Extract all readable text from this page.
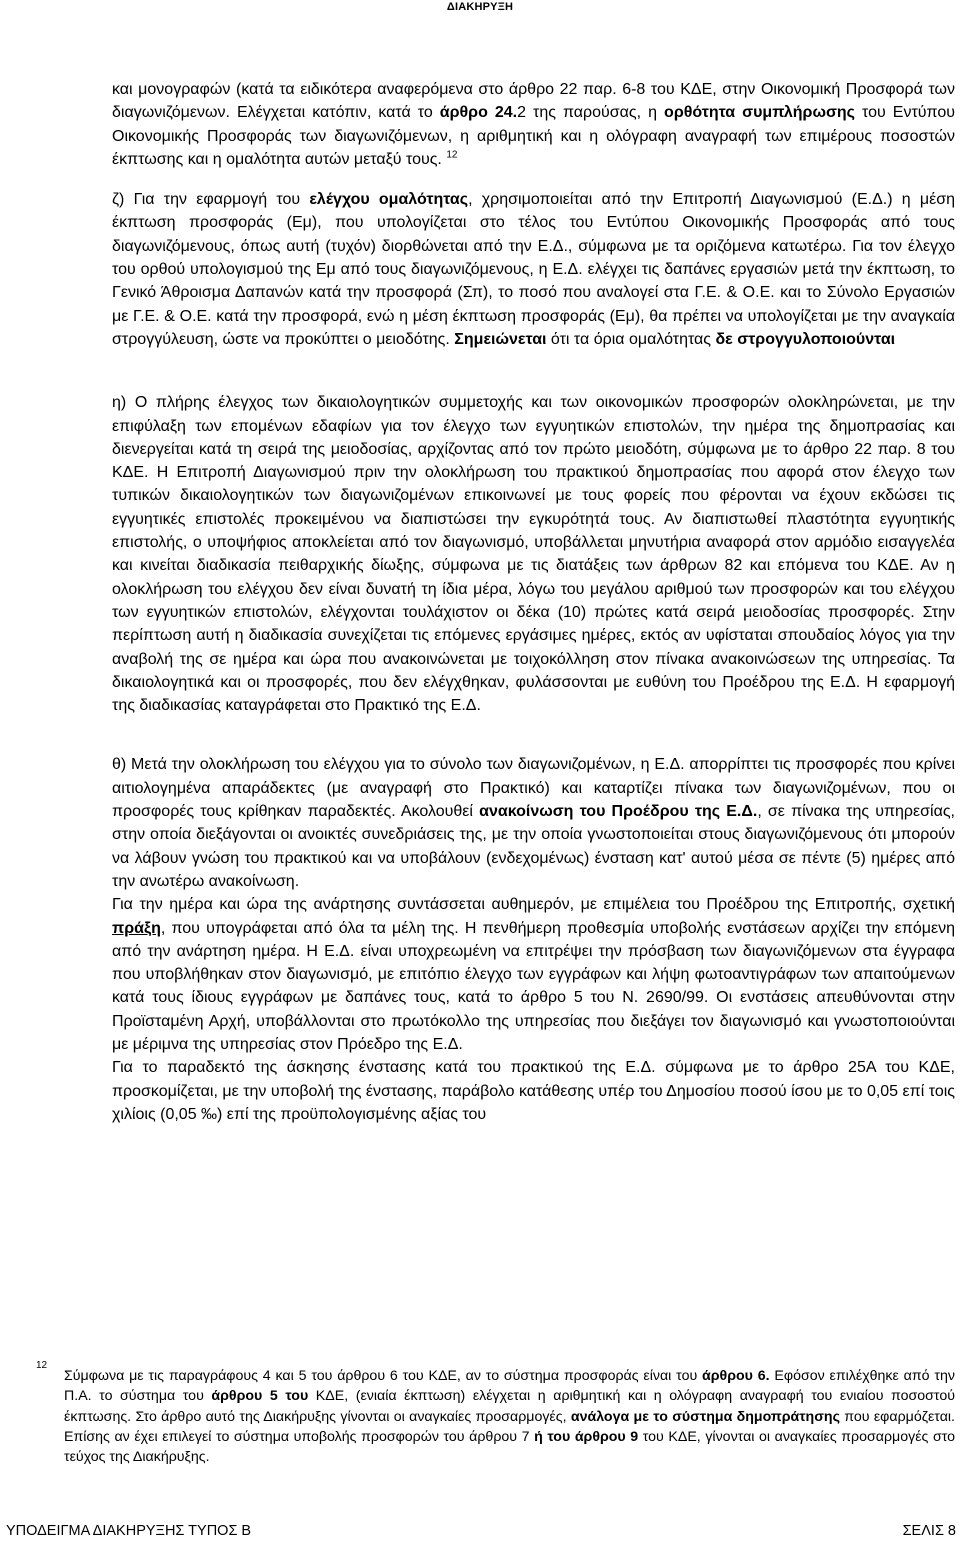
ΔΙΑΚΗΡΥΞΗ

και μονογραφών (κατά τα ειδικότερα αναφερόμενα στο άρθρο 22 παρ. 6-8 του ΚΔΕ, στην Οικονομική Προσφορά των διαγωνιζόμενων. Ελέγχεται κατόπιν, κατά το άρθρο 24.2 της παρούσας, η ορθότητα συμπλήρωσης του Εντύπου Οικονομικής Προσφοράς των διαγωνιζόμενων, η αριθμητική και η ολόγραφη αναγραφή των επιμέρους ποσοστών έκπτωσης και η ομαλότητα αυτών μεταξύ τους. $^{12}$

ζ) Για την εφαρμογή του ελέγχου ομαλότητας, χρησιμοποιείται από την Επιτροπή Διαγωνισμού (Ε.Δ.) η μέση έκπτωση προσφοράς (Εμ), που υπολογίζεται στο τέλος του Εντύπου Οικονομικής Προσφοράς από τους διαγωνιζόμενους, όπως αυτή (τυχόν) διορθώνεται από την Ε.Δ., σύμφωνα με τα οριζόμενα κατωτέρω. Για τον έλεγχο του ορθού υπολογισμού της Εμ από τους διαγωνιζόμενους, η Ε.Δ. ελέγχει τις δαπάνες εργασιών μετά την έκπτωση, το Γενικό Άθροισμα Δαπανών κατά την προσφορά (Σπ), το ποσό που αναλογεί στα Γ.Ε. & Ο.Ε. και το Σύνολο Εργασιών με Γ.Ε. & Ο.Ε. κατά την προσφορά, ενώ η μέση έκπτωση προσφοράς (Εμ), θα πρέπει να υπολογίζεται με την αναγκαία στρογγύλευση, ώστε να προκύπτει ο μειοδότης. Σημειώνεται ότι τα όρια ομαλότητας δε στρογγυλοποιούνται

η) Ο πλήρης έλεγχος των δικαιολογητικών συμμετοχής και των οικονομικών προσφορών ολοκληρώνεται, με την επιφύλαξη των επομένων εδαφίων για τον έλεγχο των εγγυητικών επιστολών, την ημέρα της δημοπρασίας και διενεργείται κατά τη σειρά της μειοδοσίας, αρχίζοντας από τον πρώτο μειοδότη, σύμφωνα με το άρθρο 22 παρ. 8 του ΚΔΕ. Η Επιτροπή Διαγωνισμού πριν την ολοκλήρωση του πρακτικού δημοπρασίας που αφορά στον έλεγχο των τυπικών δικαιολογητικών των διαγωνιζομένων επικοινωνεί με τους φορείς που φέρονται να έχουν εκδώσει τις εγγυητικές επιστολές προκειμένου να διαπιστώσει την εγκυρότητά τους. Αν διαπιστωθεί πλαστότητα εγγυητικής επιστολής, ο υποψήφιος αποκλείεται από τον διαγωνισμό, υποβάλλεται μηνυτήρια αναφορά στον αρμόδιο εισαγγελέα και κινείται διαδικασία πειθαρχικής δίωξης, σύμφωνα με τις διατάξεις των άρθρων 82 και επόμενα του ΚΔΕ. Αν η ολοκλήρωση του ελέγχου δεν είναι δυνατή τη ίδια μέρα, λόγω του μεγάλου αριθμού των προσφορών και του ελέγχου των εγγυητικών επιστολών, ελέγχονται τουλάχιστον οι δέκα (10) πρώτες κατά σειρά μειοδοσίας προσφορές. Στην περίπτωση αυτή η διαδικασία συνεχίζεται τις επόμενες εργάσιμες ημέρες, εκτός αν υφίσταται σπουδαίος λόγος για την αναβολή της σε ημέρα και ώρα που ανακοινώνεται με τοιχοκόλληση στον πίνακα ανακοινώσεων της υπηρεσίας. Τα δικαιολογητικά και οι προσφορές, που δεν ελέγχθηκαν, φυλάσσονται με ευθύνη του Προέδρου της Ε.Δ. Η εφαρμογή της διαδικασίας καταγράφεται στο Πρακτικό της Ε.Δ.

θ) Μετά την ολοκλήρωση του ελέγχου για το σύνολο των διαγωνιζομένων, η Ε.Δ. απορρίπτει τις προσφορές που κρίνει αιτιολογημένα απαράδεκτες (με αναγραφή στο Πρακτικό) και καταρτίζει πίνακα των διαγωνιζομένων, που οι προσφορές τους κρίθηκαν παραδεκτές. Ακολουθεί ανακοίνωση του Προέδρου της Ε.Δ., σε πίνακα της υπηρεσίας, στην οποία διεξάγονται οι ανοικτές συνεδριάσεις της, με την οποία γνωστοποιείται στους διαγωνιζόμενους ότι μπορούν να λάβουν γνώση του πρακτικού και να υποβάλουν (ενδεχομένως) ένσταση κατ' αυτού μέσα σε πέντε (5) ημέρες από την ανωτέρω ανακοίνωση.

Για την ημέρα και ώρα της ανάρτησης συντάσσεται αυθημερόν, με επιμέλεια του Προέδρου της Επιτροπής, σχετική πράξη, που υπογράφεται από όλα τα μέλη της. Η πενθήμερη προθεσμία υποβολής ενστάσεων αρχίζει την επόμενη από την ανάρτηση ημέρα. Η Ε.Δ. είναι υποχρεωμένη να επιτρέψει την πρόσβαση των διαγωνιζόμενων στα έγγραφα που υποβλήθηκαν στον διαγωνισμό, με επιτόπιο έλεγχο των εγγράφων και λήψη φωτοαντιγράφων των απαιτούμενων κατά τους ίδιους εγγράφων με δαπάνες τους, κατά το άρθρο 5 του Ν. 2690/99. Οι ενστάσεις απευθύνονται στην Προϊσταμένη Αρχή, υποβάλλονται στο πρωτόκολλο της υπηρεσίας που διεξάγει τον διαγωνισμό και γνωστοποιούνται με μέριμνα της υπηρεσίας στον Πρόεδρο της Ε.Δ.

Για το παραδεκτό της άσκησης ένστασης κατά του πρακτικού της Ε.Δ. σύμφωνα με το άρθρο 25Α του ΚΔΕ, προσκομίζεται, με την υποβολή της ένστασης, παράβολο κατάθεσης υπέρ του Δημοσίου ποσού ίσου με το 0,05 επί τοις χιλίοις (0,05 ‰) επί της προϋπολογισμένης αξίας του

12

Σύμφωνα με τις παραγράφους 4 και 5 του άρθρου 6 του ΚΔΕ, αν το σύστημα προσφοράς είναι του άρθρου 6. Εφόσον επιλέχθηκε από την Π.Α. το σύστημα του άρθρου 5 του ΚΔΕ, (ενιαία έκπτωση) ελέγχεται η αριθμητική και η ολόγραφη αναγραφή του ενιαίου ποσοστού έκπτωσης. Στο άρθρο αυτό της Διακήρυξης γίνονται οι αναγκαίες προσαρμογές, ανάλογα με το σύστημα δημοπράτησης που εφαρμόζεται. Επίσης αν έχει επιλεγεί το σύστημα υποβολής προσφορών του άρθρου 7 ή του άρθρου 9 του ΚΔΕ, γίνονται οι αναγκαίες προσαρμογές στο τεύχος της Διακήρυξης.

ΥΠΟΔΕΙΓΜΑ ΔΙΑΚΗΡΥΞΗΣ ΤΥΠΟΣ Β	ΣΕΛΙΣ 8
